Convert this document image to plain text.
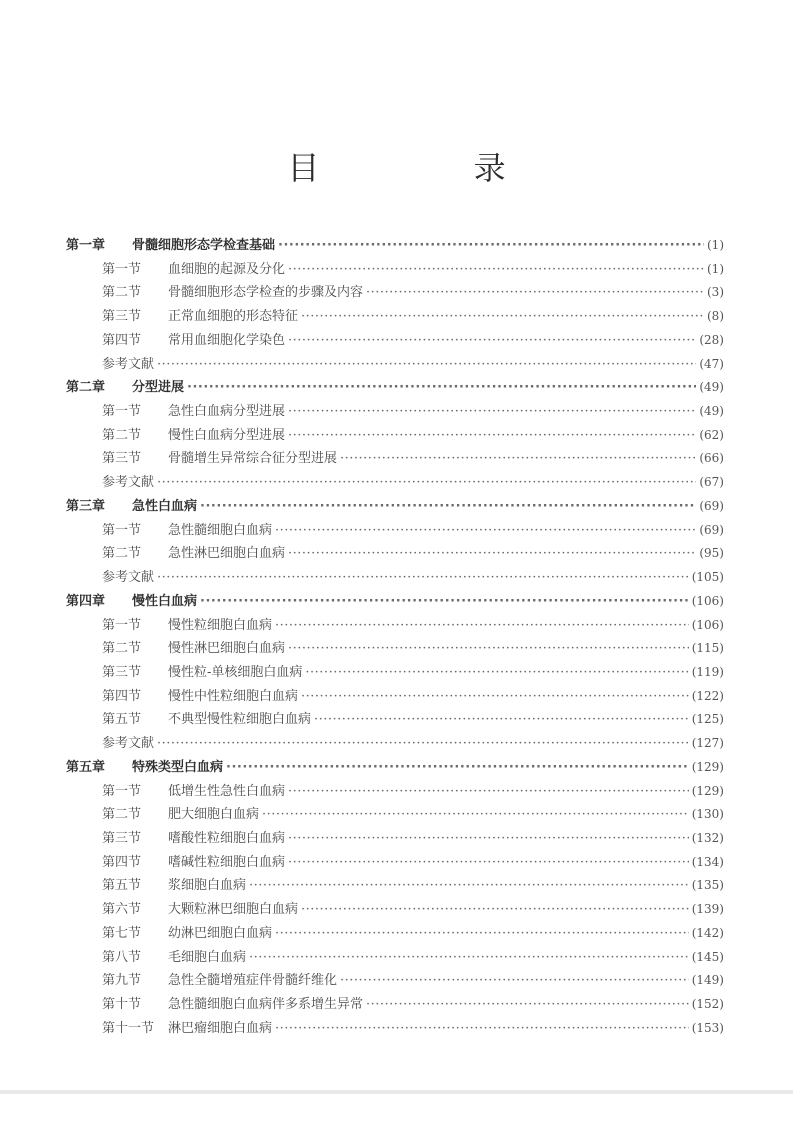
目 录
第一章	骨髓细胞形态学检查基础 ·····	(1)
第一节	血细胞的起源及分化 ·····	(1)
第二节	骨髓细胞形态学检查的步骤及内容 ·····	(3)
第三节	正常血细胞的形态特征 ·····	(8)
第四节	常用血细胞化学染色 ·····	(28)
参考文献 ·····	(47)
第二章	分型进展 ·····	(49)
第一节	急性白血病分型进展 ·····	(49)
第二节	慢性白血病分型进展 ·····	(62)
第三节	骨髓增生异常综合征分型进展 ·····	(66)
参考文献 ·····	(67)
第三章	急性白血病 ·····	(69)
第一节	急性髓细胞白血病 ·····	(69)
第二节	急性淋巴细胞白血病 ·····	(95)
参考文献 ·····	(105)
第四章	慢性白血病 ·····	(106)
第一节	慢性粒细胞白血病 ·····	(106)
第二节	慢性淋巴细胞白血病 ·····	(115)
第三节	慢性粒-单核细胞白血病 ·····	(119)
第四节	慢性中性粒细胞白血病 ·····	(122)
第五节	不典型慢性粒细胞白血病 ·····	(125)
参考文献 ·····	(127)
第五章	特殊类型白血病 ·····	(129)
第一节	低增生性急性白血病 ·····	(129)
第二节	肥大细胞白血病 ·····	(130)
第三节	嗜酸性粒细胞白血病 ·····	(132)
第四节	嗜碱性粒细胞白血病 ·····	(134)
第五节	浆细胞白血病 ·····	(135)
第六节	大颗粒淋巴细胞白血病 ·····	(139)
第七节	幼淋巴细胞白血病 ·····	(142)
第八节	毛细胞白血病 ·····	(145)
第九节	急性全髓增殖症伴骨髓纤维化 ·····	(149)
第十节	急性髓细胞白血病伴多系增生异常 ·····	(152)
第十一节	淋巴瘤细胞白血病 ·····	(153)
